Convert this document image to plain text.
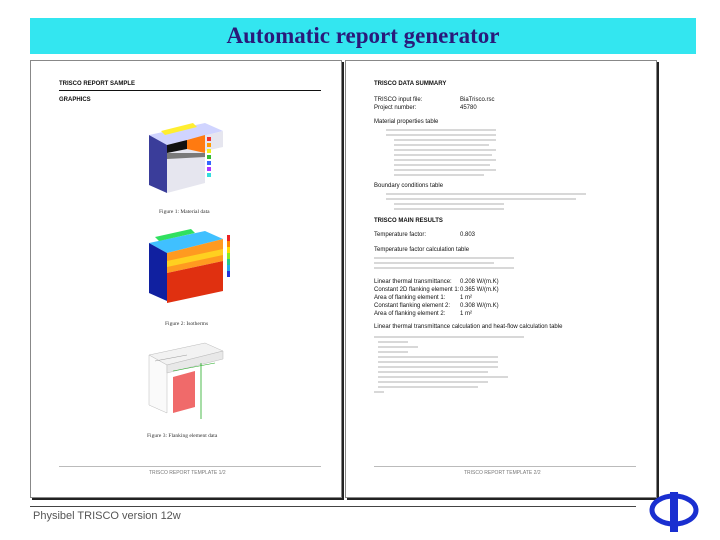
Automatic report generator
TRISCO REPORT SAMPLE
GRAPHICS
Figure 1: Material data
Figure 2: Isotherms
Figure 3: Flanking element data
TRISCO REPORT TEMPLATE 1/2
TRISCO DATA SUMMARY
TRISCO input file:	BiaTrisco.rsc
Project number:	45780
Material properties table
Boundary conditions table
TRISCO MAIN RESULTS
Temperature factor:	0.803
Temperature factor calculation table
Linear thermal transmittance: 0.208 W/(m.K)
Constant 2D flanking element 1: 0.365 W/(m.K)
Area of flanking element 1: 1 m²
Constant flanking element 2: 0.308 W/(m.K)
Area of flanking element 2: 1 m²
Linear thermal transmittance calculation and heat-flow calculation table
TRISCO REPORT TEMPLATE 2/2
Physibel TRISCO version 12w
